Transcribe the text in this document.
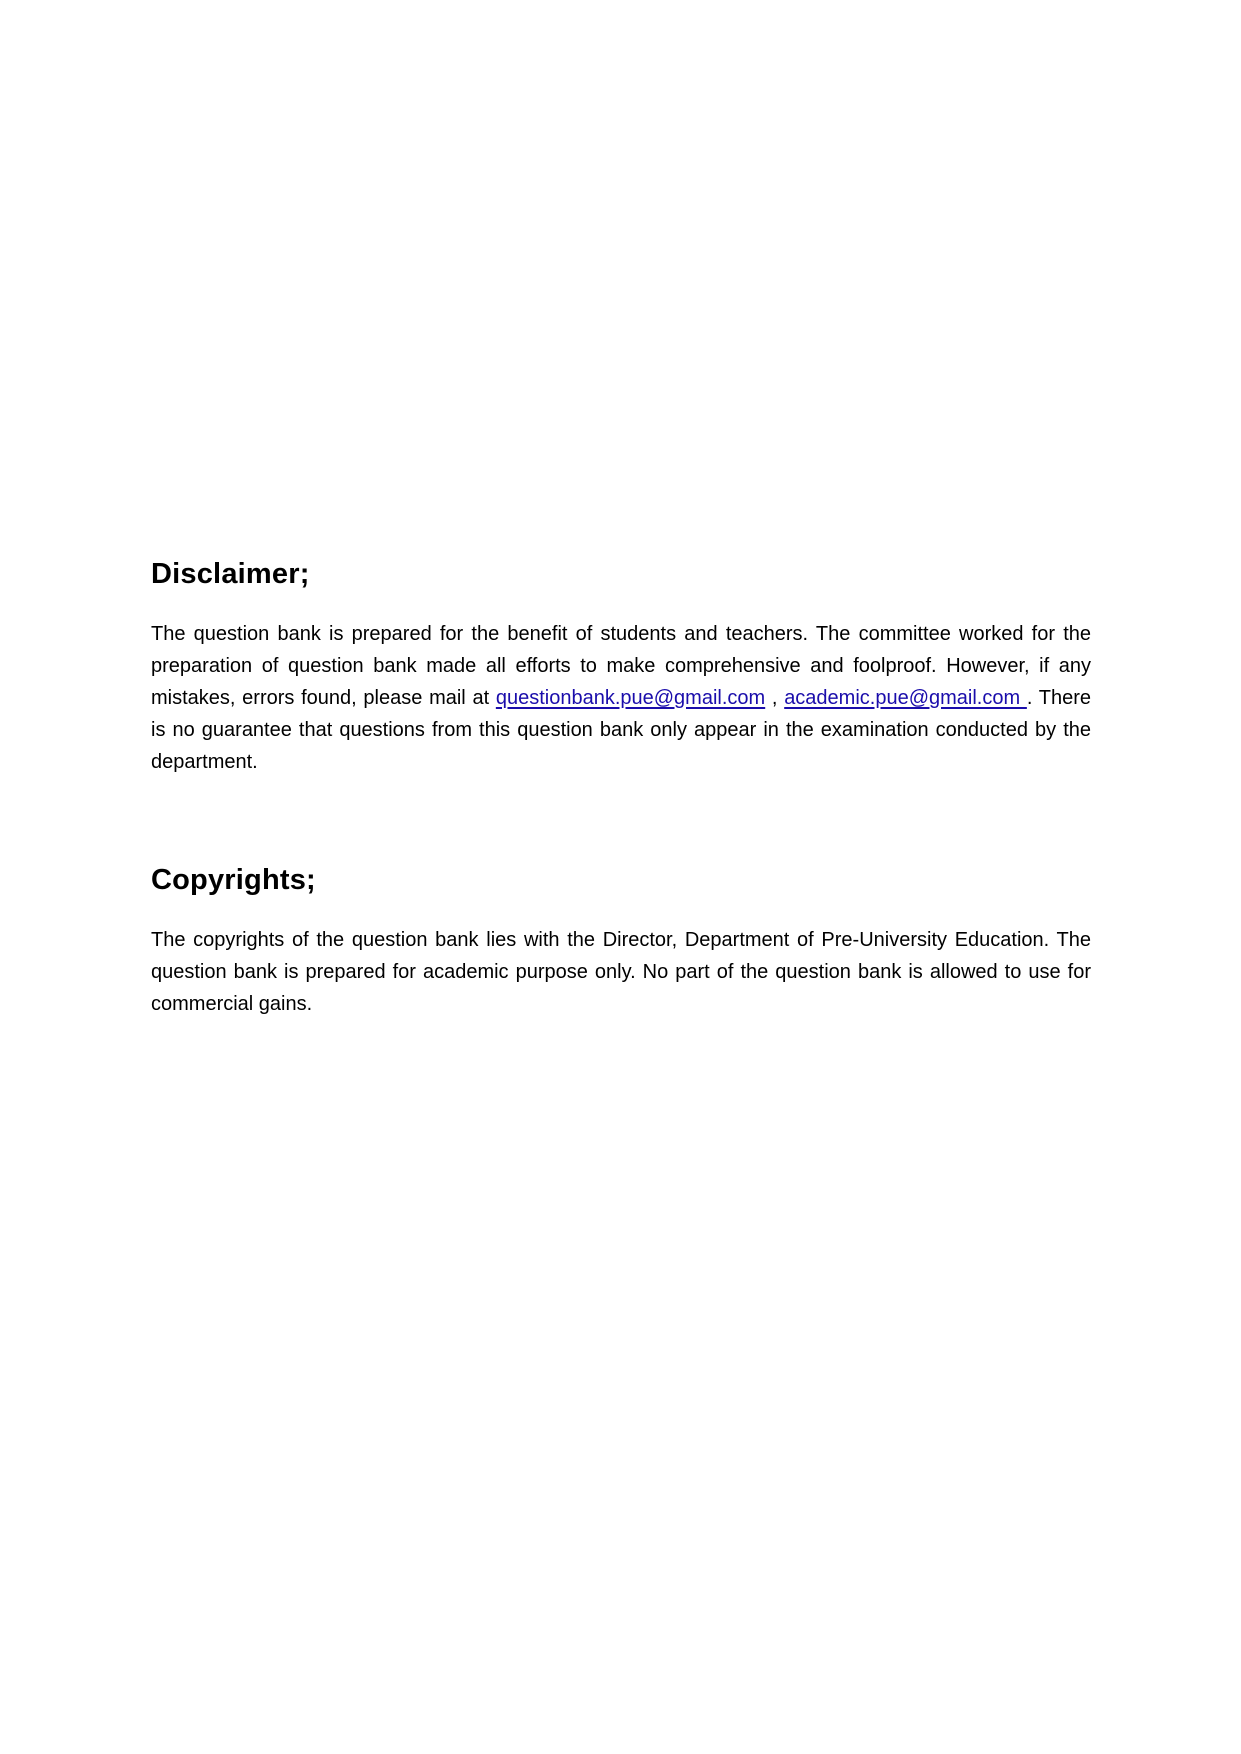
Disclaimer;

The question bank is prepared for the benefit of students and teachers. The committee worked for the preparation of question bank made all efforts to make comprehensive and foolproof. However, if any mistakes, errors found, please mail at questionbank.pue@gmail.com , academic.pue@gmail.com . There is no guarantee that questions from this question bank only appear in the examination conducted by the department.

Copyrights;

The copyrights of the question bank lies with the Director, Department of Pre-University Education. The question bank is prepared for academic purpose only. No part of the question bank is allowed to use for commercial gains.
